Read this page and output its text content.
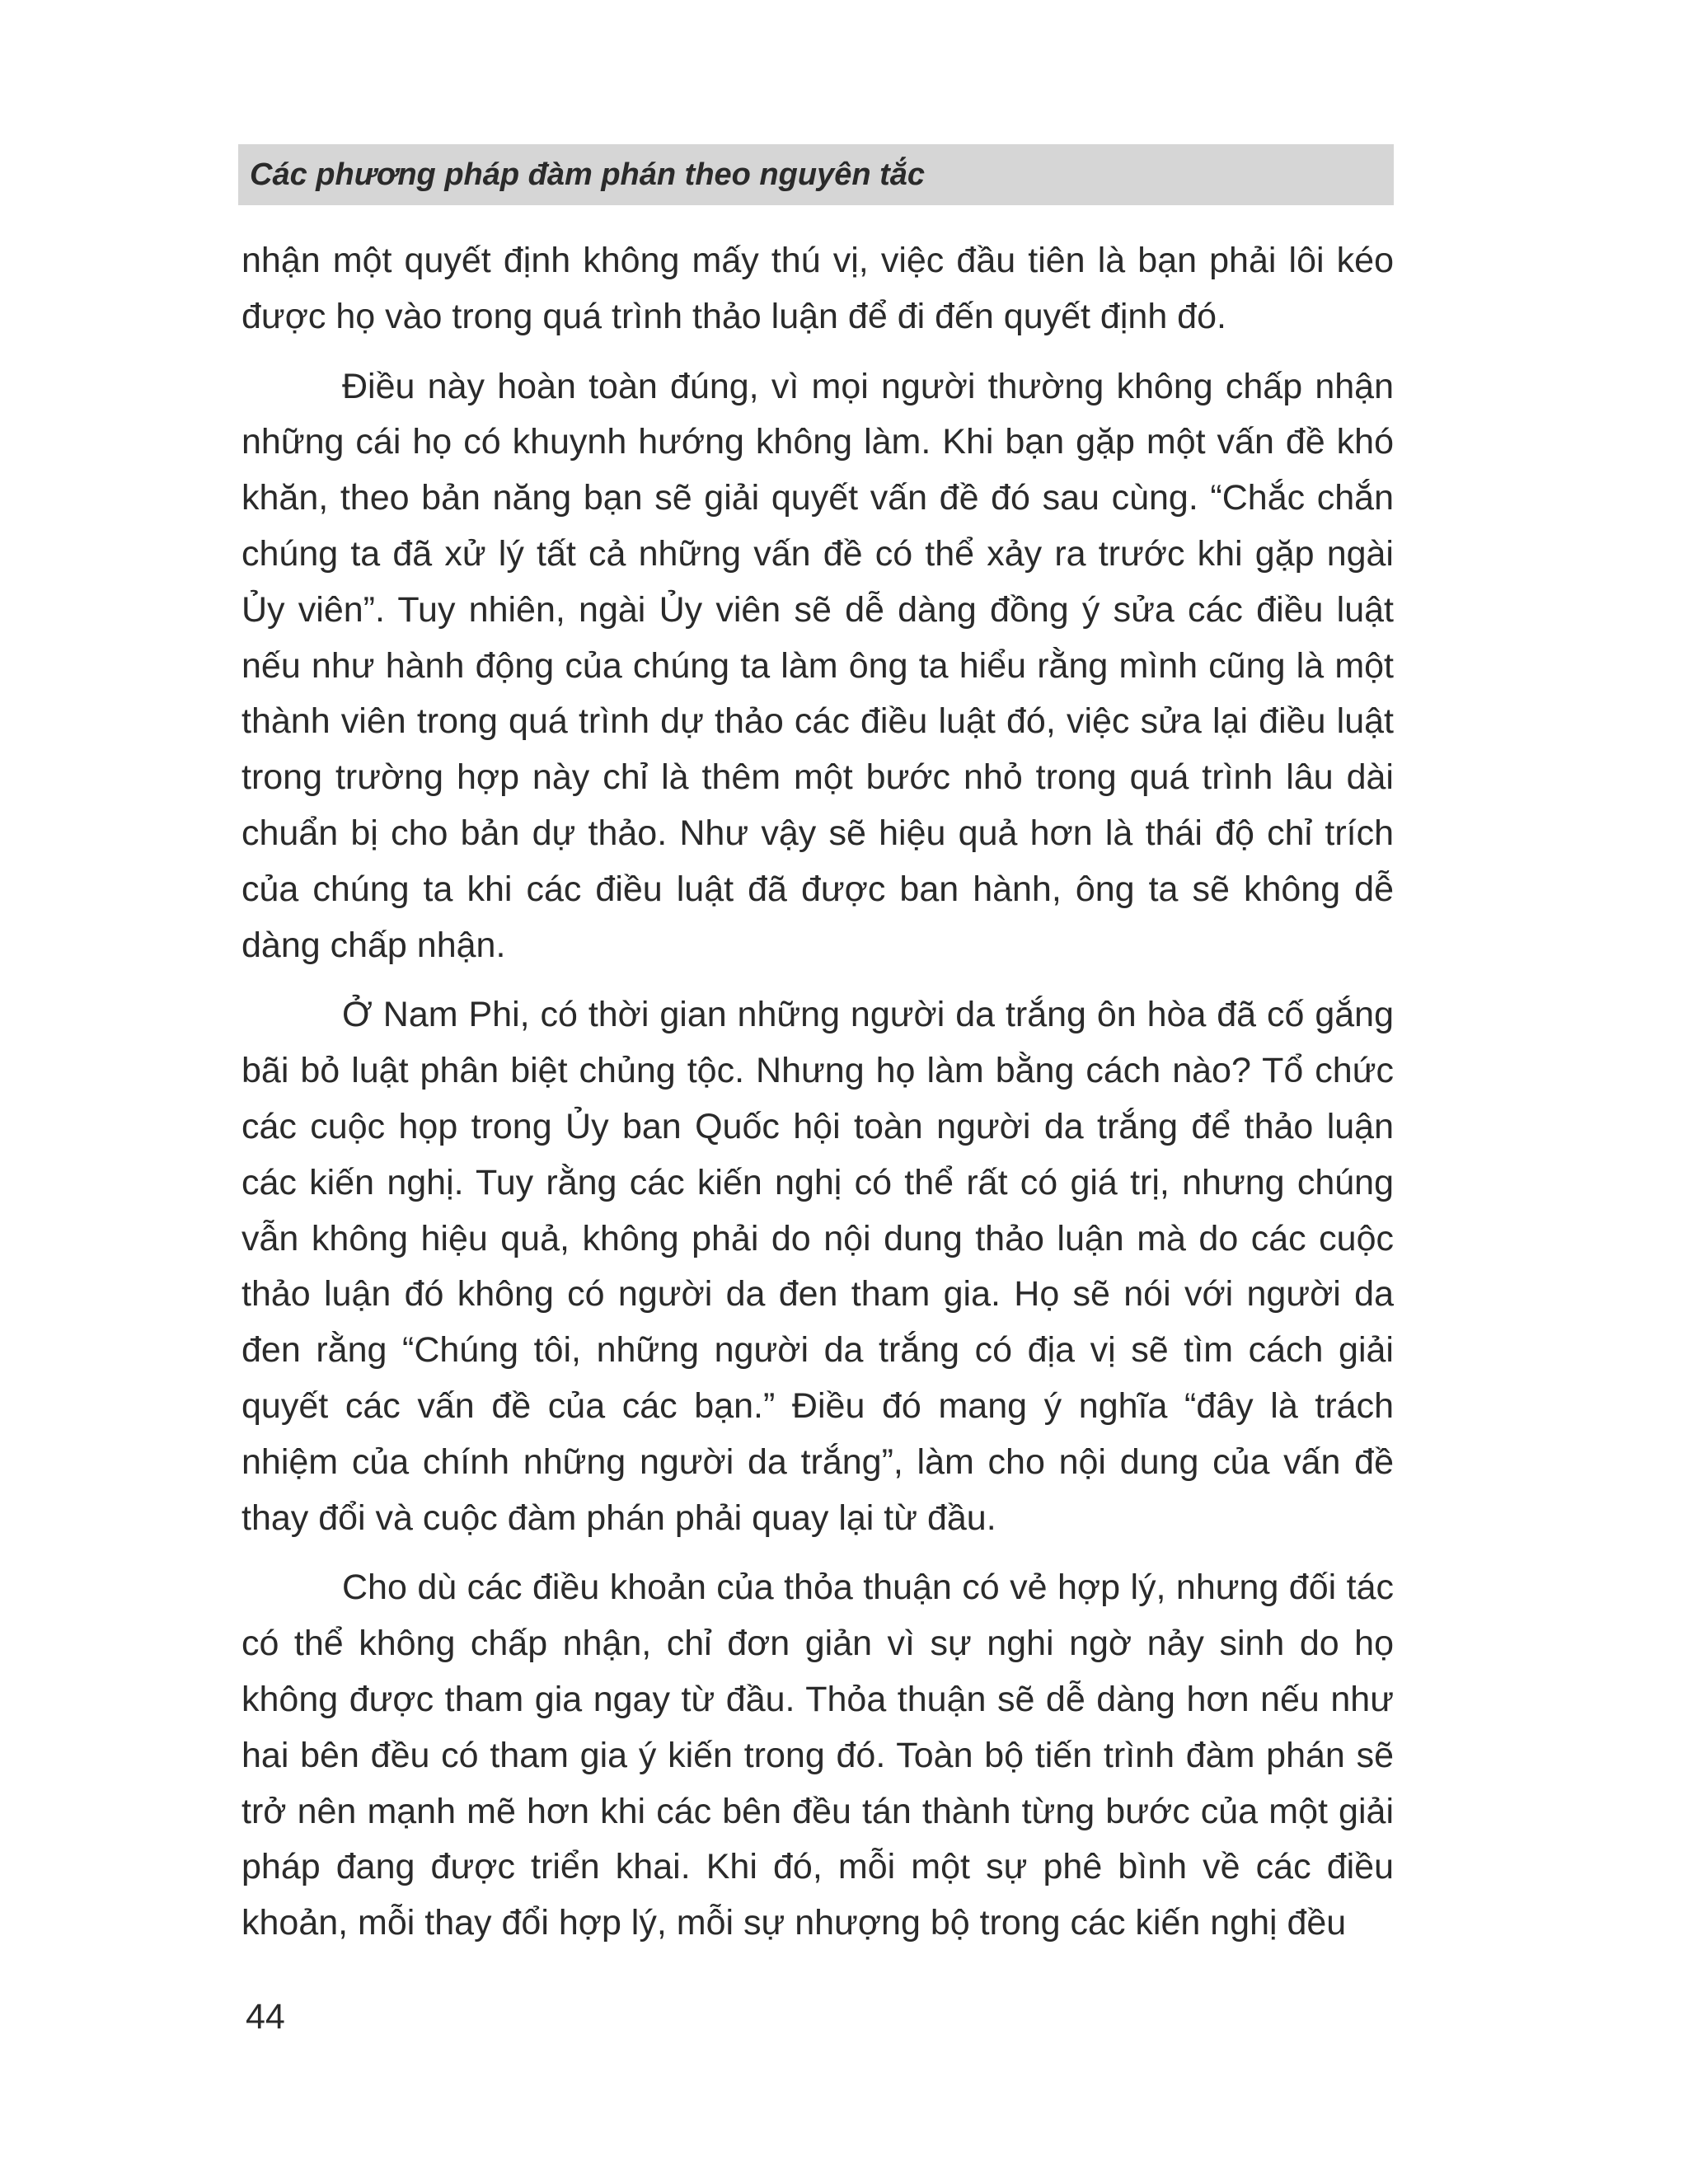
Các phương pháp đàm phán theo nguyên tắc

nhận một quyết định không mấy thú vị, việc đầu tiên là bạn phải lôi kéo được họ vào trong quá trình thảo luận để đi đến quyết định đó.

Điều này hoàn toàn đúng, vì mọi người thường không chấp nhận những cái họ có khuynh hướng không làm. Khi bạn gặp một vấn đề khó khăn, theo bản năng bạn sẽ giải quyết vấn đề đó sau cùng. “Chắc chắn chúng ta đã xử lý tất cả những vấn đề có thể xảy ra trước khi gặp ngài Ủy viên”. Tuy nhiên, ngài Ủy viên sẽ dễ dàng đồng ý sửa các điều luật nếu như hành động của chúng ta làm ông ta hiểu rằng mình cũng là một thành viên trong quá trình dự thảo các điều luật đó, việc sửa lại điều luật trong trường hợp này chỉ là thêm một bước nhỏ trong quá trình lâu dài chuẩn bị cho bản dự thảo. Như vậy sẽ hiệu quả hơn là thái độ chỉ trích của chúng ta khi các điều luật đã được ban hành, ông ta sẽ không dễ dàng chấp nhận.

Ở Nam Phi, có thời gian những người da trắng ôn hòa đã cố gắng bãi bỏ luật phân biệt chủng tộc. Nhưng họ làm bằng cách nào? Tổ chức các cuộc họp trong Ủy ban Quốc hội toàn người da trắng để thảo luận các kiến nghị. Tuy rằng các kiến nghị có thể rất có giá trị, nhưng chúng vẫn không hiệu quả, không phải do nội dung thảo luận mà do các cuộc thảo luận đó không có người da đen tham gia. Họ sẽ nói với người da đen rằng “Chúng tôi, những người da trắng có địa vị sẽ tìm cách giải quyết các vấn đề của các bạn.” Điều đó mang ý nghĩa “đây là trách nhiệm của chính những người da trắng”, làm cho nội dung của vấn đề thay đổi và cuộc đàm phán phải quay lại từ đầu.

Cho dù các điều khoản của thỏa thuận có vẻ hợp lý, nhưng đối tác có thể không chấp nhận, chỉ đơn giản vì sự nghi ngờ nảy sinh do họ không được tham gia ngay từ đầu. Thỏa thuận sẽ dễ dàng hơn nếu như hai bên đều có tham gia ý kiến trong đó. Toàn bộ tiến trình đàm phán sẽ trở nên mạnh mẽ hơn khi các bên đều tán thành từng bước của một giải pháp đang được triển khai. Khi đó, mỗi một sự phê bình về các điều khoản, mỗi thay đổi hợp lý, mỗi sự nhượng bộ trong các kiến nghị đều

44
